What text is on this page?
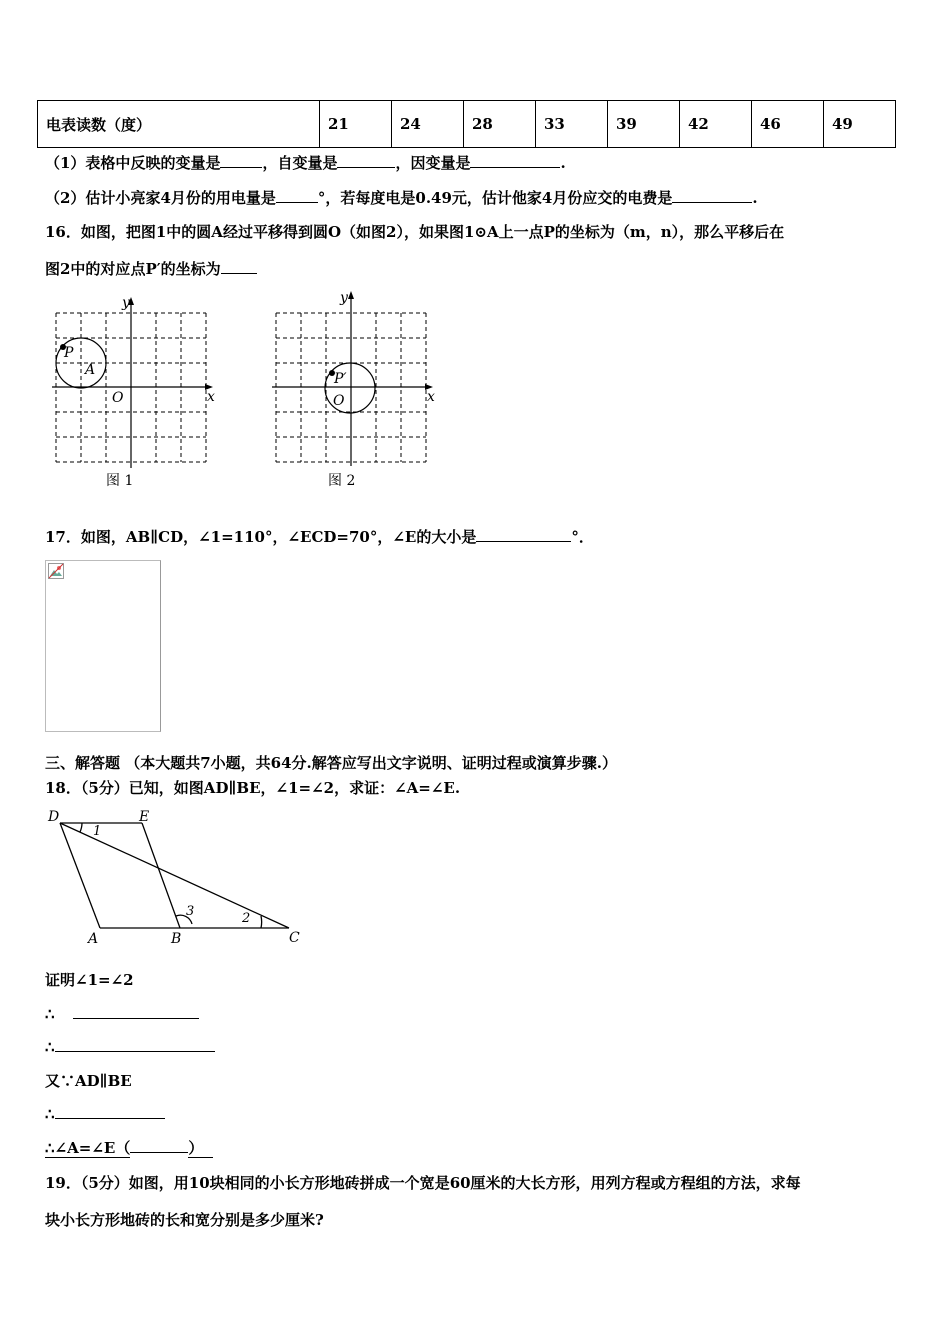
电表读数（度）	21	24	28	33	39	42	46	49
（1）表格中反映的变量是	，自变量是	，因变量是	.
（2）估计小亮家4月份的用电量是	°，若每度电是0.49元，估计他家4月份应交的电费是	.
16．如图，把图1中的圆A经过平移得到圆O（如图2），如果图1⊙A上一点P的坐标为（m，n），那么平移后在
图2中的对应点P′的坐标为
y
x
O
P
A
图 1
y
x
O
P′
图 2
17．如图，AB∥CD，∠1=110°，∠ECD=70°，∠E的大小是	°．
三、解答题 （本大题共7小题，共64分.解答应写出文字说明、证明过程或演算步骤.）
18．（5分）已知，如图AD∥BE，∠1=∠2，求证：∠A=∠E.
D	E
A	B	C
1
2
3
证明∠1=∠2
∴
∴
又∵AD∥BE
∴
∴∠A=∠E（	）
19．（5分）如图，用10块相同的小长方形地砖拼成一个宽是60厘米的大长方形，用列方程或方程组的方法，求每
块小长方形地砖的长和宽分别是多少厘米?
